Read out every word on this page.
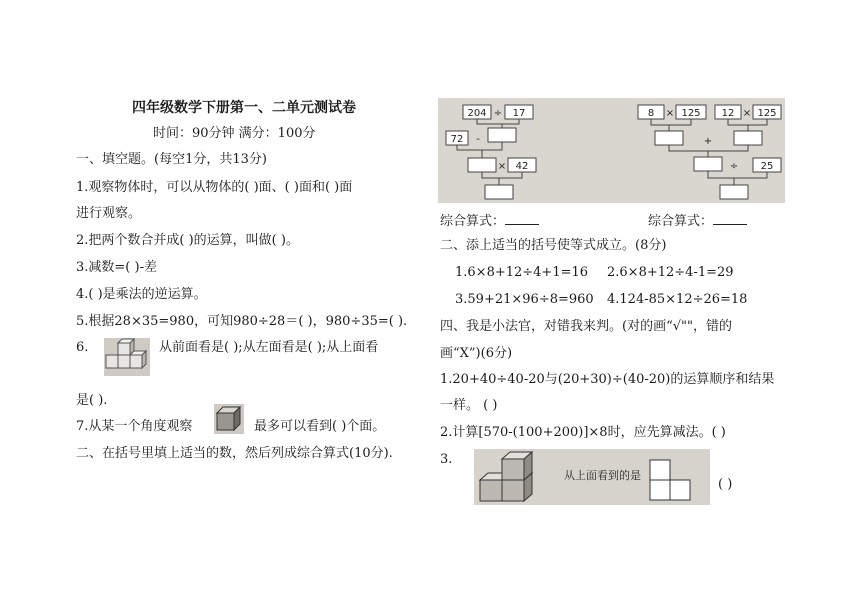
四年级数学下册第一、二单元测试卷
时间：90分钟 满分：100分
一、填空题。(每空1分，共13分)
1.观察物体时，可以从物体的( )面、( )面和( )面
进行观察。
2.把两个数合并成( )的运算，叫做( )。
3.减数=( )-差
4.( )是乘法的逆运算。
5.根据28×35=980，可知980÷28＝( )，980÷35=( ).
6.	从前面看是( );从左面看是( );从上面看
是( ).
7.从某一个角度观察	最多可以看到( )个面。
二、在括号里填上适当的数，然后列成综合算式(10分).
204 ÷ 17
72 -
× 42
8 × 125 12 × 125
+
÷ 25
综合算式：	综合算式：
二、添上适当的括号使等式成立。(8分)
1.6×8+12÷4+1=16 2.6×8+12÷4-1=29
3.59+21×96÷8=960 4.124-85×12÷26=18
四、我是小法官，对错我来判。(对的画“√""，错的
画“X”)(6分)
1.20+40÷40-20与(20+30)÷(40-20)的运算顺序和结果
一样。 ( )
2.计算[570-(100+200)]×8时，应先算减法。( )
3.
从上面看到的是
( )
